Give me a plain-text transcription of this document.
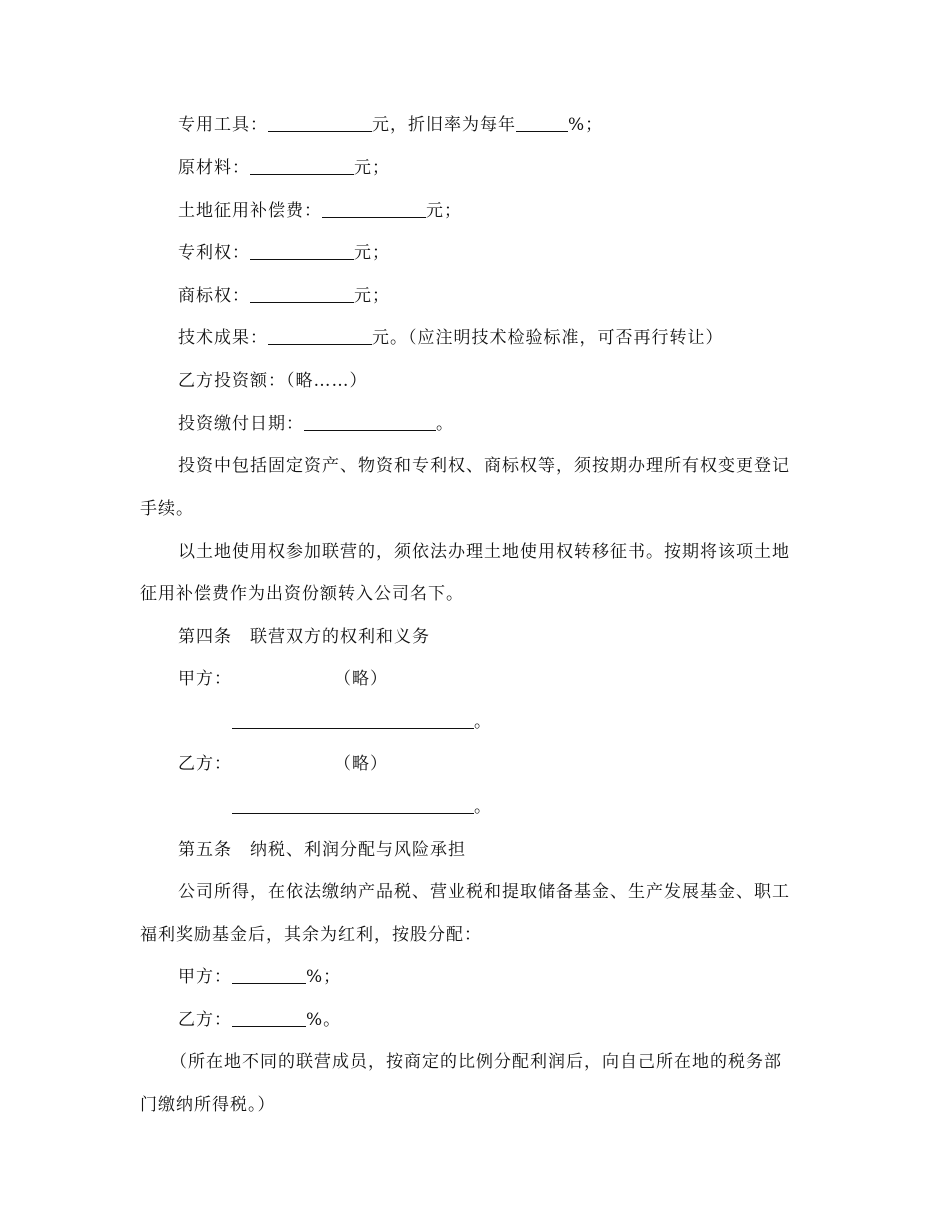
专用工具：	元，折旧率为每年	%；
原材料：	元；
土地征用补偿费：	元；
专利权：	元；
商标权：	元；
技术成果：	元。（应注明技术检验标准，可否再行转让）
乙方投资额：（略……）
投资缴付日期：	。
投资中包括固定资产、物资和专利权、商标权等，须按期办理所有权变更登记
手续。
以土地使用权参加联营的，须依法办理土地使用权转移征书。按期将该项土地
征用补偿费作为出资份额转入公司名下。
第四条　联营双方的权利和义务
甲方：	（略）
。
乙方：	（略）
。
第五条　纳税、利润分配与风险承担
公司所得，在依法缴纳产品税、营业税和提取储备基金、生产发展基金、职工
福利奖励基金后，其余为红利，按股分配：
甲方：	%；
乙方：	%。
（所在地不同的联营成员，按商定的比例分配利润后，向自己所在地的税务部
门缴纳所得税。）
